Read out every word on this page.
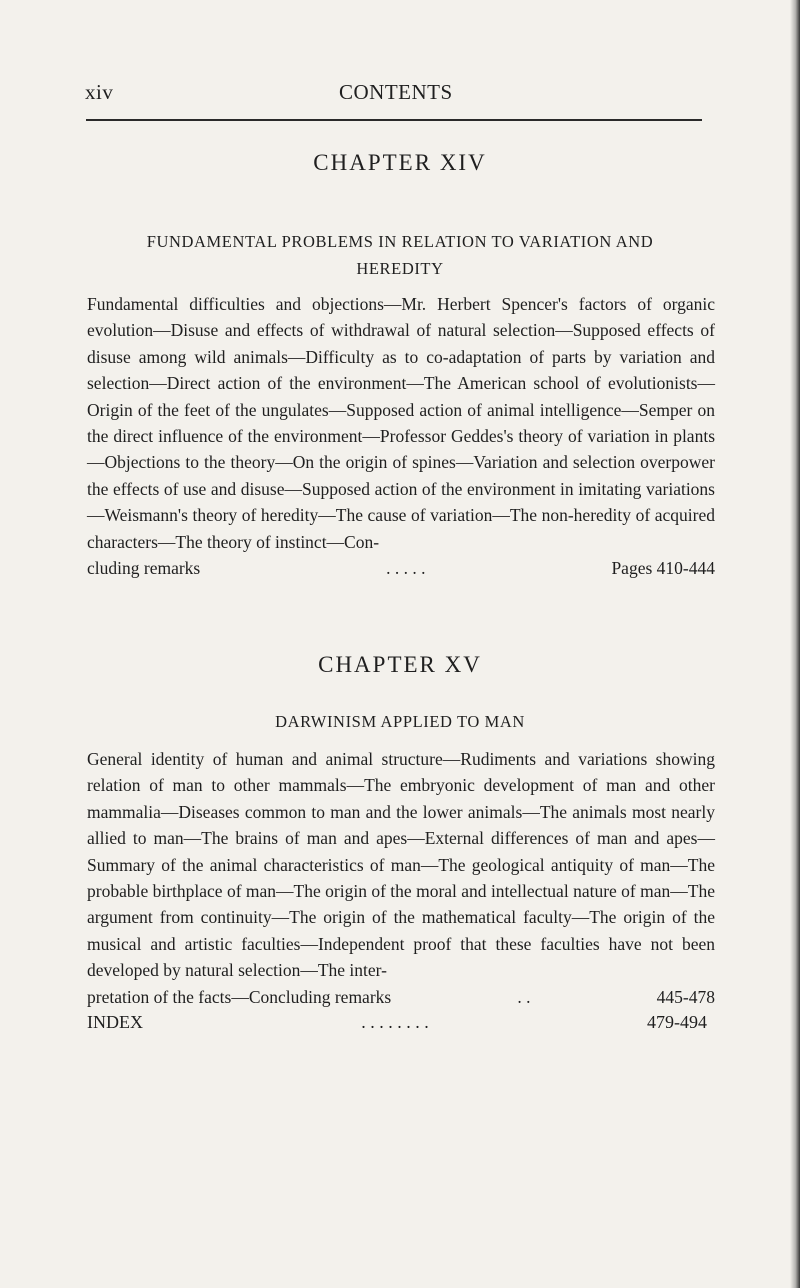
xiv	CONTENTS
CHAPTER XIV
FUNDAMENTAL PROBLEMS IN RELATION TO VARIATION AND HEREDITY
Fundamental difficulties and objections—Mr. Herbert Spencer's factors of organic evolution—Disuse and effects of withdrawal of natural selection—Supposed effects of disuse among wild animals—Difficulty as to co-adaptation of parts by variation and selection—Direct action of the environment—The American school of evolutionists—Origin of the feet of the ungulates—Supposed action of animal intelligence—Semper on the direct influence of the environment—Professor Geddes's theory of variation in plants—Objections to the theory—On the origin of spines—Variation and selection overpower the effects of use and disuse—Supposed action of the environment in imitating variations—Weismann's theory of heredity—The cause of variation—The non-heredity of acquired characters—The theory of instinct—Con-
cluding remarks	. . . . .	Pages 410-444
CHAPTER XV
DARWINISM APPLIED TO MAN
General identity of human and animal structure—Rudiments and variations showing relation of man to other mammals—The embryonic development of man and other mammalia—Diseases common to man and the lower animals—The animals most nearly allied to man—The brains of man and apes—External differences of man and apes—Summary of the animal characteristics of man—The geological antiquity of man—The probable birthplace of man—The origin of the moral and intellectual nature of man—The argument from continuity—The origin of the mathematical faculty—The origin of the musical and artistic faculties—Independent proof that these faculties have not been developed by natural selection—The inter-
pretation of the facts—Concluding remarks	. .	445-478
INDEX	. . . . . . . .	479-494
